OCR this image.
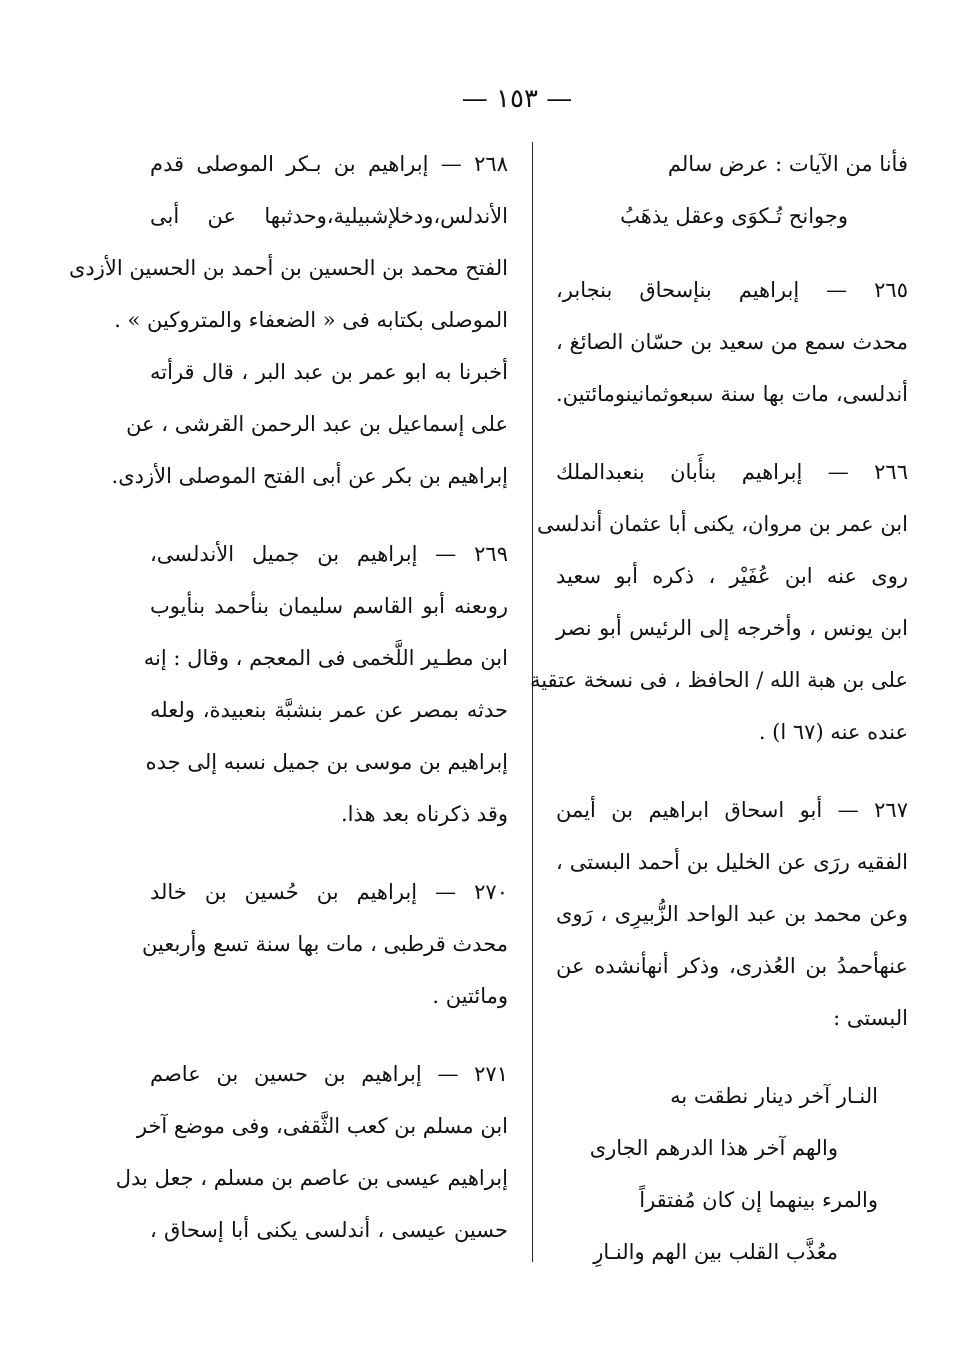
— ١٥٣ —
فأنا من الآيات : عرض سالم
وجوانح تُـكوَى وعقل يذهَبُ
٢٦٥ — إبراهيم بنإسحاق بنجابر،
محدث سمع من سعيد بن حسّان الصائغ ،
أندلسى، مات بها سنة سبعوثمانينومائتين.
٢٦٦ — إبراهيم بنأَبان بنعبدالملك
ابن عمر بن مروان، يكنى أبا عثمان أندلسى
روى عنه ابن عُفَيْر ، ذكره أبو سعيد
ابن يونس ، وأخرجه إلى الرئيس أبو نصر
على بن هبة الله / الحافظ ، فى نسخة عتقية
عنده عنه (٦٧ ا) .
٢٦٧ — أبو اسحاق ابراهيم بن أيمن
الفقيه ررَى عن الخليل بن أحمد البستى ،
وعن محمد بن عبد الواحد الزُّبيرِى ، رَوى
عنهأحمدُ بن العُذرى، وذكر أنهأنشده عن
البستى :
النـار آخر دينار نطقت به
والهم آخر هذا الدرهم الجارى
والمرء بينهما إن كان مُفتقراً
معُذَّب القلب بين الهم والنـارِ
٢٦٨ — إبراهيم بن بـكر الموصلى قدم
الأندلس،ودخلإشبيلية،وحدثبها عن أبى
الفتح محمد بن الحسين بن أحمد بن الحسين الأزدى
الموصلى بكتابه فى « الضعفاء والمتروكين » .
أخبرنا به ابو عمر بن عبد البر ، قال قرأته
على إسماعيل بن عبد الرحمن القرشى ، عن
إبراهيم بن بكر عن أبى الفتح الموصلى الأزدى.
٢٦٩ — إبراهيم بن جميل الأندلسى،
روىعنه أبو القاسم سليمان بنأحمد بنأيوب
ابن مطـير اللَّخمى فى المعجم ، وقال : إنه
حدثه بمصر عن عمر بنشبَّة بنعبيدة، ولعله
إبراهيم بن موسى بن جميل نسبه إلى جده
وقد ذكرناه بعد هذا.
٢٧٠ — إبراهيم بن حُسين بن خالد
محدث قرطبى ، مات بها سنة تسع وأربعين
ومائتين .
٢٧١ — إبراهيم بن حسين بن عاصم
ابن مسلم بن كعب الثَّقفى، وفى موضع آخر
إبراهيم عيسى بن عاصم بن مسلم ، جعل بدل
حسين عيسى ، أندلسى يكنى أبا إسحاق ،
